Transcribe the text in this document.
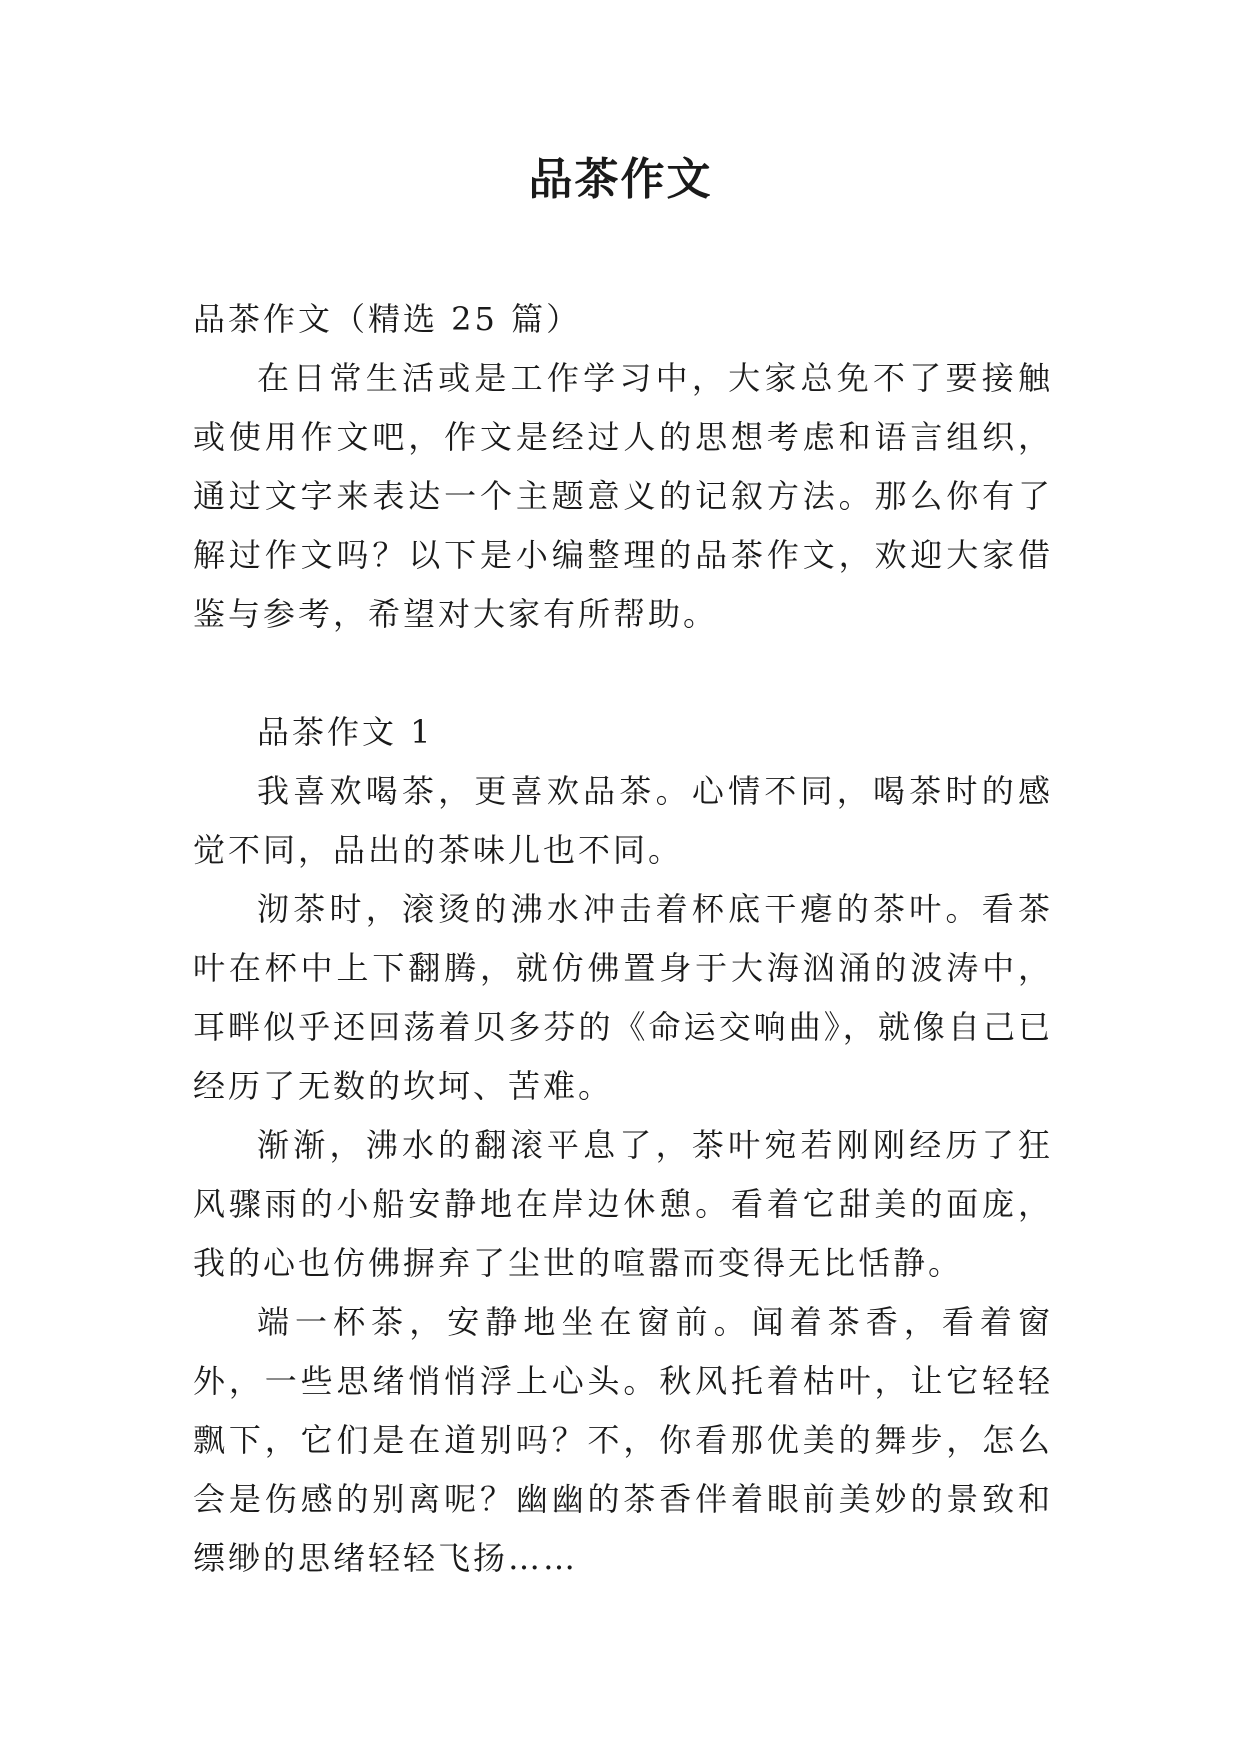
品茶作文

品茶作文（精选 25 篇）

在日常生活或是工作学习中，大家总免不了要接触或使用作文吧，作文是经过人的思想考虑和语言组织，通过文字来表达一个主题意义的记叙方法。那么你有了解过作文吗？以下是小编整理的品茶作文，欢迎大家借鉴与参考，希望对大家有所帮助。

品茶作文 1

我喜欢喝茶，更喜欢品茶。心情不同，喝茶时的感觉不同，品出的茶味儿也不同。

沏茶时，滚烫的沸水冲击着杯底干瘪的茶叶。看茶叶在杯中上下翻腾，就仿佛置身于大海汹涌的波涛中，耳畔似乎还回荡着贝多芬的《命运交响曲》，就像自己已经历了无数的坎坷、苦难。

渐渐，沸水的翻滚平息了，茶叶宛若刚刚经历了狂风骤雨的小船安静地在岸边休憩。看着它甜美的面庞，我的心也仿佛摒弃了尘世的喧嚣而变得无比恬静。

端一杯茶，安静地坐在窗前。闻着茶香，看着窗外，一些思绪悄悄浮上心头。秋风托着枯叶，让它轻轻飘下，它们是在道别吗？不，你看那优美的舞步，怎么会是伤感的别离呢？幽幽的茶香伴着眼前美妙的景致和缥缈的思绪轻轻飞扬……
